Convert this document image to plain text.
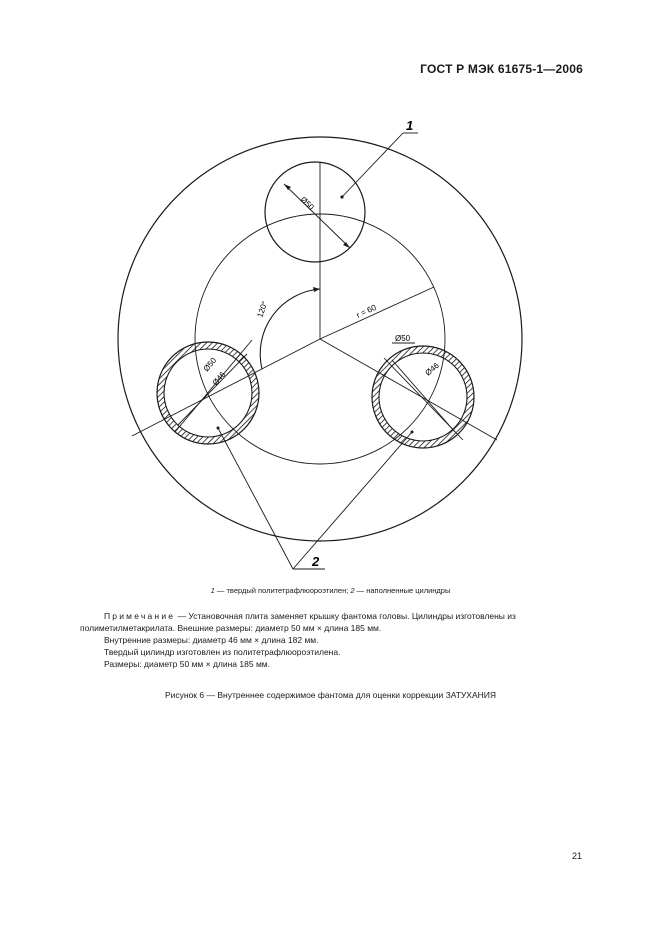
ГОСТ Р МЭК 61675-1—2006
r = 60
120°
Ø50
1
Ø50
Ø46
Ø50
Ø46
2
1 — твердый политетрафлюороэтилен; 2 — наполненные цилиндры

Примечание — Установочная плита заменяет крышку фантома головы. Цилиндры изготовлены из полиметилметакрилата. Внешние размеры: диаметр 50 мм × длина 185 мм.

Внутренние размеры: диаметр 46 мм × длина 182 мм.

Твердый цилиндр изготовлен из политетрафлюороэтилена.

Размеры: диаметр 50 мм × длина 185 мм.

Рисунок 6 — Внутреннее содержимое фантома для оценки коррекции ЗАТУХАНИЯ
21
